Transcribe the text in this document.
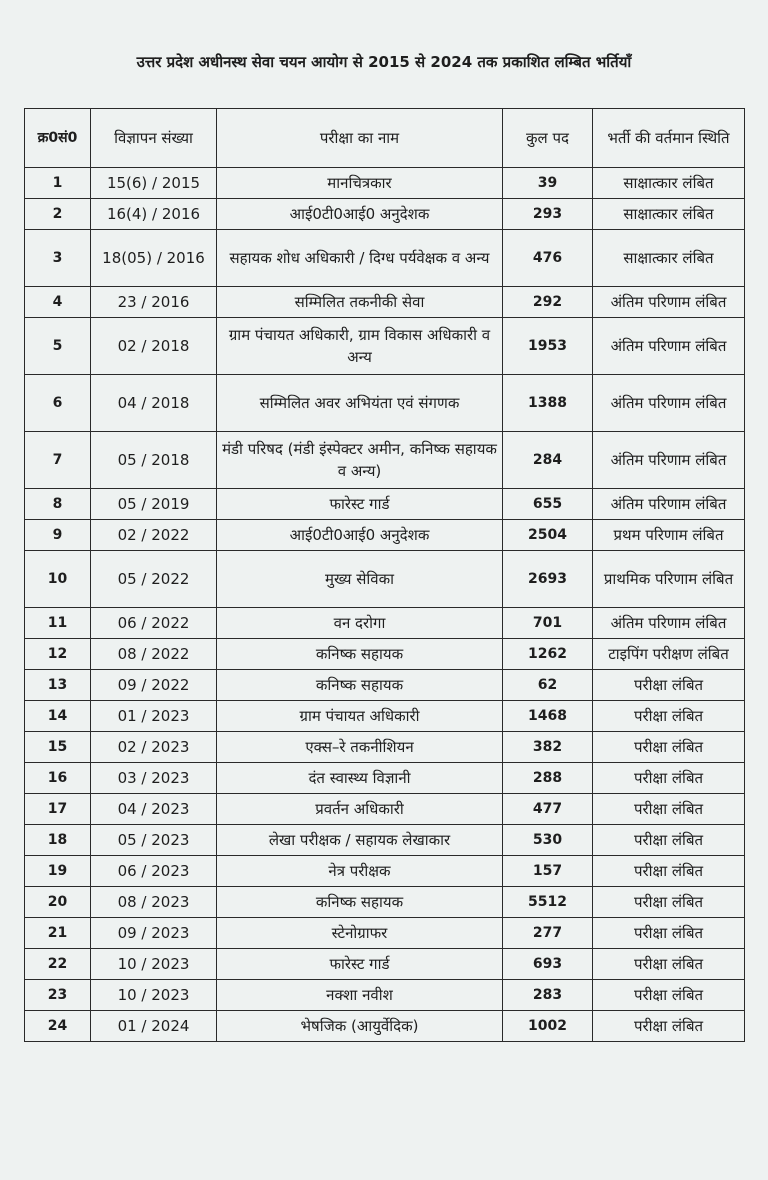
उत्तर प्रदेश अधीनस्थ सेवा चयन आयोग से 2015 से 2024 तक प्रकाशित लम्बित भर्तियाँ
क्र0सं0	विज्ञापन संख्या	परीक्षा का नाम	कुल पद	भर्ती की वर्तमान स्थिति
1	15(6) / 2015	मानचित्रकार	39	साक्षात्कार लंबित
2	16(4) / 2016	आई0टी0आई0 अनुदेशक	293	साक्षात्कार लंबित
3	18(05) / 2016	सहायक शोध अधिकारी / दिग्ध पर्यवेक्षक व अन्य	476	साक्षात्कार लंबित
4	23 / 2016	सम्मिलित तकनीकी सेवा	292	अंतिम परिणाम लंबित
5	02 / 2018	ग्राम पंचायत अधिकारी, ग्राम विकास अधिकारी व अन्य	1953	अंतिम परिणाम लंबित
6	04 / 2018	सम्मिलित अवर अभियंता एवं संगणक	1388	अंतिम परिणाम लंबित
7	05 / 2018	मंडी परिषद (मंडी इंस्पेक्टर अमीन, कनिष्क सहायक व अन्य)	284	अंतिम परिणाम लंबित
8	05 / 2019	फारेस्ट गार्ड	655	अंतिम परिणाम लंबित
9	02 / 2022	आई0टी0आई0 अनुदेशक	2504	प्रथम परिणाम लंबित
10	05 / 2022	मुख्य सेविका	2693	प्राथमिक परिणाम लंबित
11	06 / 2022	वन दरोगा	701	अंतिम परिणाम लंबित
12	08 / 2022	कनिष्क सहायक	1262	टाइपिंग परीक्षण लंबित
13	09 / 2022	कनिष्क सहायक	62	परीक्षा लंबित
14	01 / 2023	ग्राम पंचायत अधिकारी	1468	परीक्षा लंबित
15	02 / 2023	एक्स–रे तकनीशियन	382	परीक्षा लंबित
16	03 / 2023	दंत स्वास्थ्य विज्ञानी	288	परीक्षा लंबित
17	04 / 2023	प्रवर्तन अधिकारी	477	परीक्षा लंबित
18	05 / 2023	लेखा परीक्षक / सहायक लेखाकार	530	परीक्षा लंबित
19	06 / 2023	नेत्र परीक्षक	157	परीक्षा लंबित
20	08 / 2023	कनिष्क सहायक	5512	परीक्षा लंबित
21	09 / 2023	स्टेनोग्राफर	277	परीक्षा लंबित
22	10 / 2023	फारेस्ट गार्ड	693	परीक्षा लंबित
23	10 / 2023	नक्शा नवीश	283	परीक्षा लंबित
24	01 / 2024	भेषजिक (आयुर्वेदिक)	1002	परीक्षा लंबित
